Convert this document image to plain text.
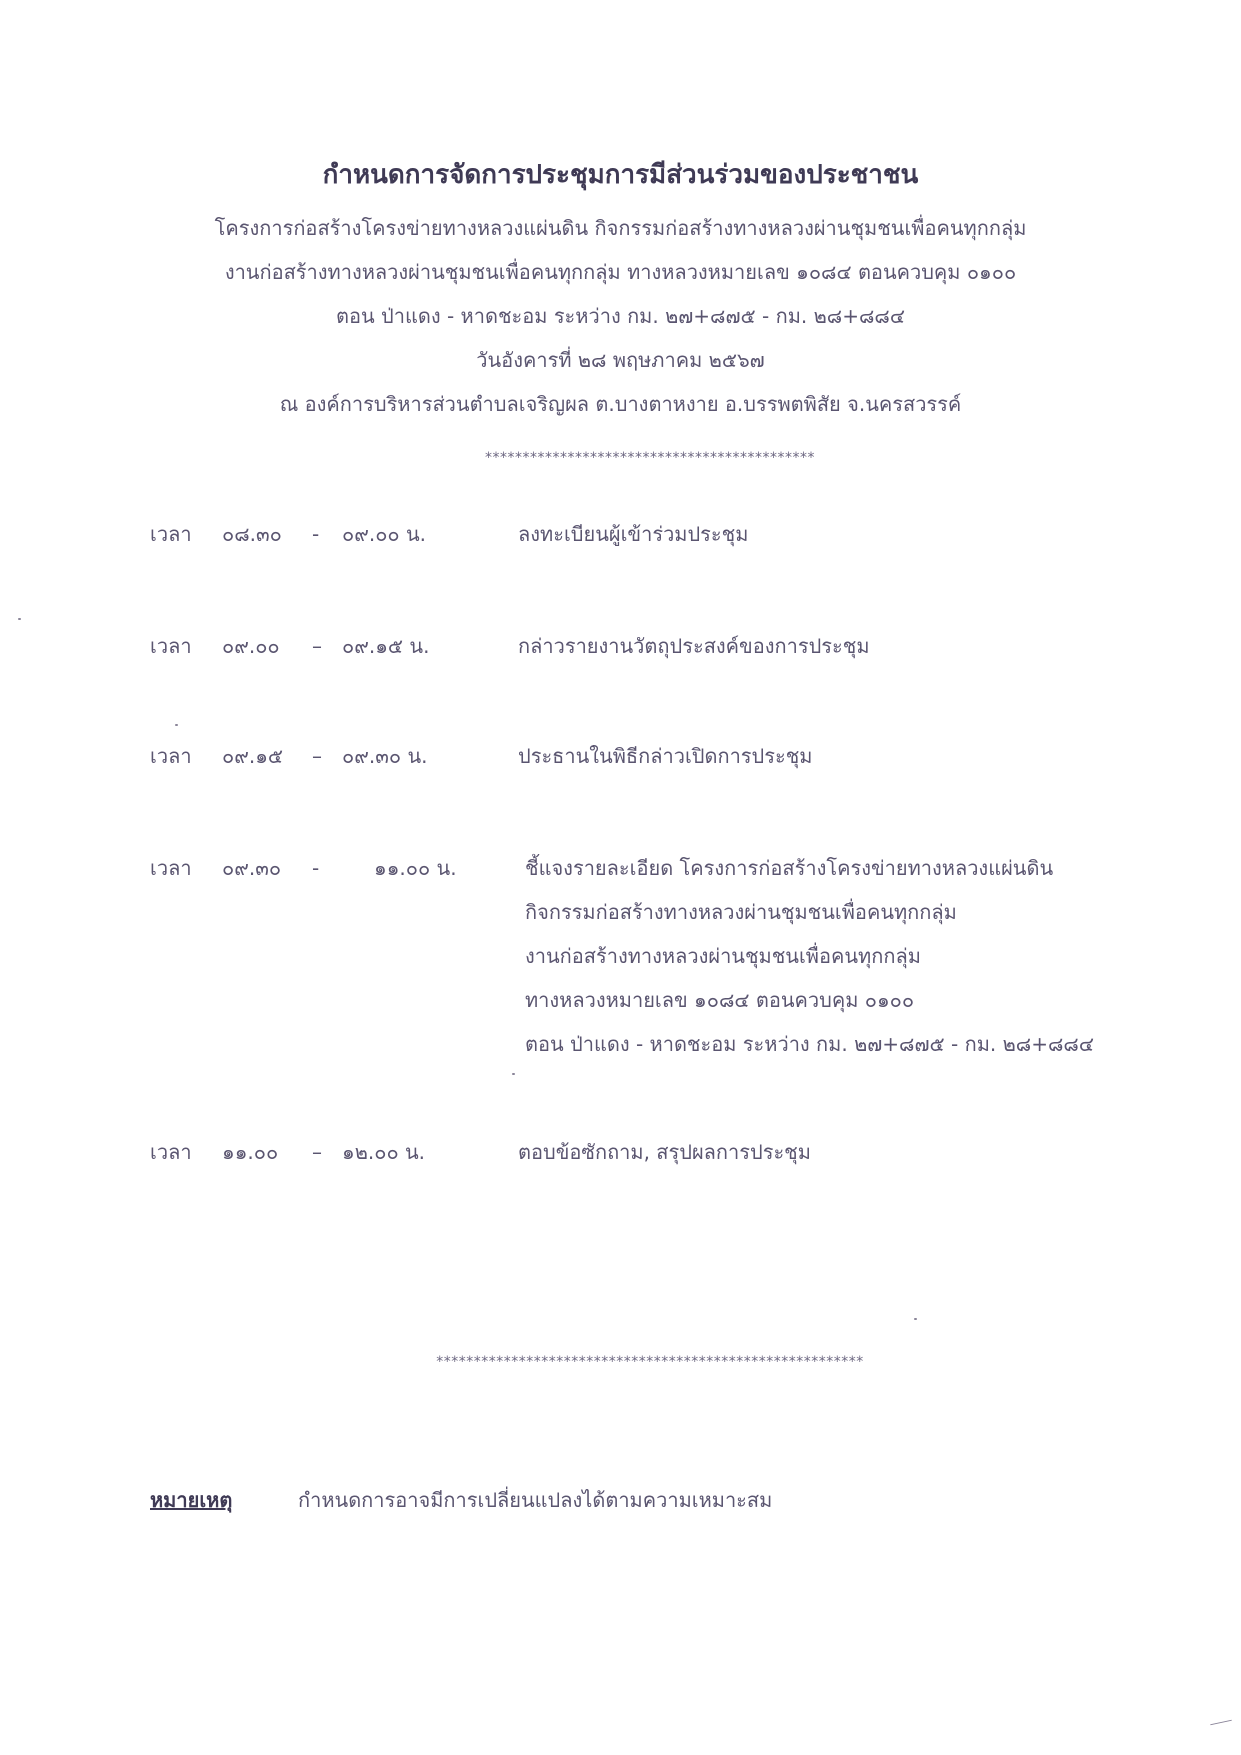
กำหนดการจัดการประชุมการมีส่วนร่วมของประชาชน

โครงการก่อสร้างโครงข่ายทางหลวงแผ่นดิน กิจกรรมก่อสร้างทางหลวงผ่านชุมชนเพื่อคนทุกกลุ่ม

งานก่อสร้างทางหลวงผ่านชุมชนเพื่อคนทุกกลุ่ม ทางหลวงหมายเลข ๑๐๘๔ ตอนควบคุม ๐๑๐๐

ตอน ป่าแดง - หาดชะอม ระหว่าง กม. ๒๗+๘๗๕ - กม. ๒๘+๘๘๔

วันอังคารที่ ๒๘ พฤษภาคม ๒๕๖๗

ณ องค์การบริหารส่วนตำบลเจริญผล ต.บางตาหงาย อ.บรรพตพิสัย จ.นครสวรรค์

********************************************
เวลา ๐๘.๓๐ - ๐๙.๐๐ น.	ลงทะเบียนผู้เข้าร่วมประชุม

เวลา ๐๙.๐๐ – ๐๙.๑๕ น.	กล่าวรายงานวัตถุประสงค์ของการประชุม

เวลา ๐๙.๑๕ – ๐๙.๓๐ น.	ประธานในพิธีกล่าวเปิดการประชุม

เวลา ๐๙.๓๐ -	๑๑.๐๐ น.	ชี้แจงรายละเอียด โครงการก่อสร้างโครงข่ายทางหลวงแผ่นดิน

กิจกรรมก่อสร้างทางหลวงผ่านชุมชนเพื่อคนทุกกลุ่ม

งานก่อสร้างทางหลวงผ่านชุมชนเพื่อคนทุกกลุ่ม

ทางหลวงหมายเลข ๑๐๘๔ ตอนควบคุม ๐๑๐๐

ตอน ป่าแดง - หาดชะอม ระหว่าง กม. ๒๗+๘๗๕ - กม. ๒๘+๘๘๔

เวลา ๑๑.๐๐ – ๑๒.๐๐ น.	ตอบข้อซักถาม, สรุปผลการประชุม

*********************************************************
หมายเหตุ	กำหนดการอาจมีการเปลี่ยนแปลงได้ตามความเหมาะสม
